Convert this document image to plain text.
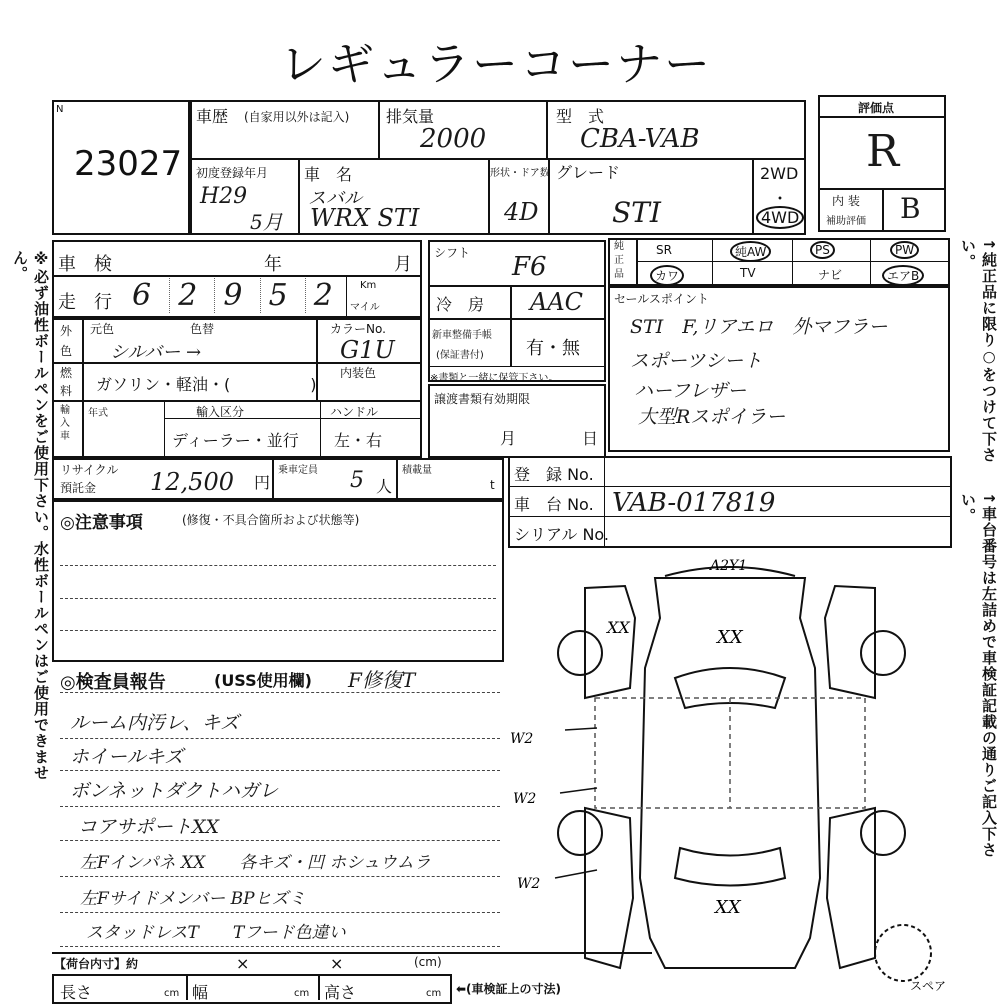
レギュラーコーナー
※必ず油性ボールペンをご使用下さい。水性ボールペンはご使用できません。	↑純正品に限り○をつけて下さい。
↑車台番号は左詰めで車検証記載の通りご記入下さい。
N
23027
車歴 (自家用以外は記入) 排気量
2000
型　式
CBA-VAB
初度登録年月
H29
5月
車　名
スバル
WRX STI
形状・ドア数
4D
グレード
STI
2WD
・
4WD
評価点
R
内 装
補助評価 B
車　検	年	月
走　行 6 2 9 5 2	Km
マイル
外
色
元色	色替
シルバー →
カラーNo.
G1U
燃
料 ガソリン・軽油・(　　　　　)
内装色
輸入車
年式	輸入区分
ディーラー・並行
ハンドル
左・右
シフト F6
冷　房 AAC
新車整備手帳
(保証書付) 有・無
※書類と一緒に保管下さい。
譲渡書類有効期限
月	日
純正品
SR	純AW	PS	PW
カワ	TV	ナビ	エアB
セールスポイント
STI　F,リアエロ　外マフラー
スポーツシート
ハーフレザー
大型Rスポイラー
リサイクル
預託金 12,500 円
乗車定員 5 人
積載量
t
登　録 No.
車　台 No. VAB-017819
シリアル No.
◎注意事項	(修復・不具合箇所および状態等)
◎検査員報告	(USS使用欄) F修復T
ルーム内汚レ、キズ
ホイールキズ
ボンネットダクトハガレ
コアサポートXX
左Fインパネ XX　　各キズ・凹 ホシュウムラ
左Fサイドメンバー BPヒズミ
スタッドレスT　　Tフード色違い
【荷台内寸】約	×	×	(cm)
長さ	cm 幅	cm 高さ	cm ⬅(車検証上の寸法)
A2Y1
XX	XX
XX
W2
W2
W2
スペア
